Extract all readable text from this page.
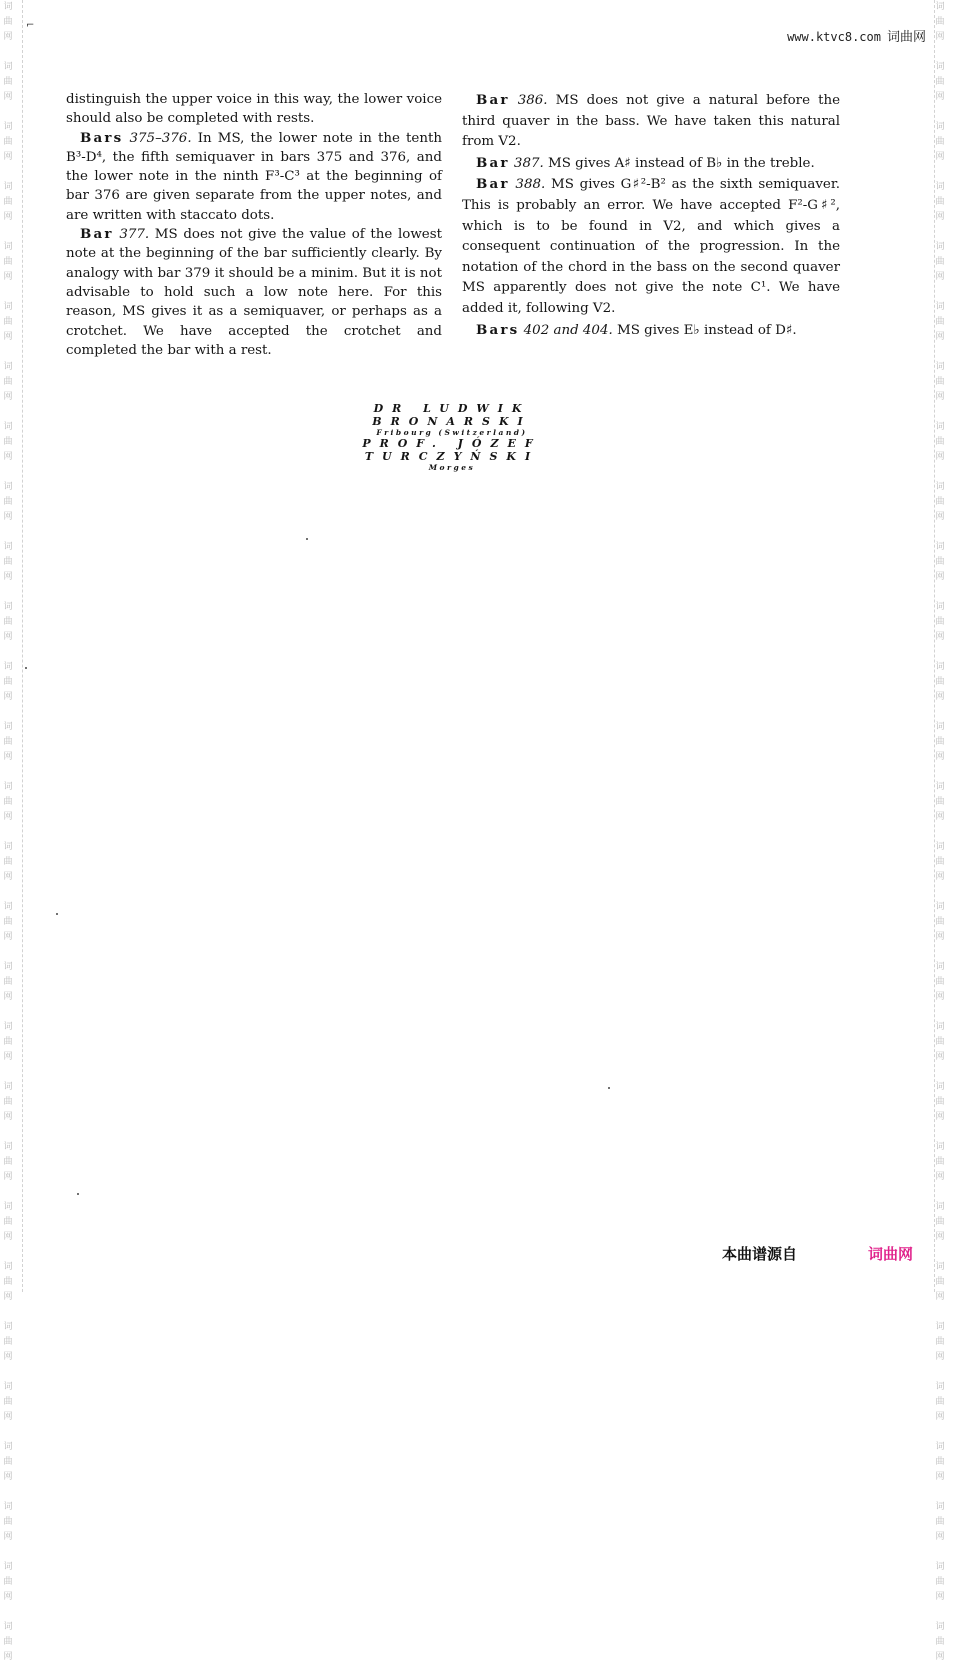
词
曲
网

词
曲
网

词
曲
网

词
曲
网

词
曲
网

词
曲
网

词
曲
网

词
曲
网

词
曲
网

词
曲
网

词
曲
网

词
曲
网

词
曲
网

词
曲
网

词
曲
网

词
曲
网

词
曲
网

词
曲
网

词
曲
网

词
曲
网

词
曲
网

词
曲
网

词
曲
网

词
曲
网

词
曲
网

词
曲
网

词
曲
网

词
曲
网

词
曲
网

词
曲
网

词
曲
网

词
曲
网

词
曲
网

词
曲
网

词
曲
网

词
曲
网

词
曲
网

词
曲
网

词
曲
网

词
曲
网

词
曲
网

词
曲
网

词
曲
网

词
曲
网

词
曲
网

词
曲
网

词
曲
网

词
曲
网

词
曲
网

词
曲
网

词
曲
网

词
曲
网

词
曲
网

词
曲
网

词
曲
网

词
曲
网

⌐
www.ktvc8.com 词曲网

distinguish the upper voice in this way, the lower voice should also be completed with rests.

Bars 375–376. In MS, the lower note in the tenth B³-D⁴, the fifth semiquaver in bars 375 and 376, and the lower note in the ninth F³-C³ at the beginning of bar 376 are given separate from the upper notes, and are written with staccato dots.

Bar 377. MS does not give the value of the lowest note at the beginning of the bar sufficiently clearly. By analogy with bar 379 it should be a minim. But it is not advisable to hold such a low note here. For this reason, MS gives it as a semiquaver, or perhaps as a crotchet. We have accepted the crotchet and completed the bar with a rest.

Bar 386. MS does not give a natural before the third quaver in the bass. We have taken this natural from V2.

Bar 387. MS gives A♯ instead of B♭ in the treble.

Bar 388. MS gives G♯²-B² as the sixth semiquaver. This is probably an error. We have accepted F²-G♯², which is to be found in V2, and which gives a consequent continuation of the progression. In the notation of the chord in the bass on the second quaver MS apparently does not give the note C¹. We have added it, following V2.

Bars 402 and 404. MS gives E♭ instead of D♯.

DR LUDWIK BRONARSKI
Fribourg (Switzerland)
PROF. JÓZEF TURCZYŃSKI
Morges
本曲谱源自	词曲网
